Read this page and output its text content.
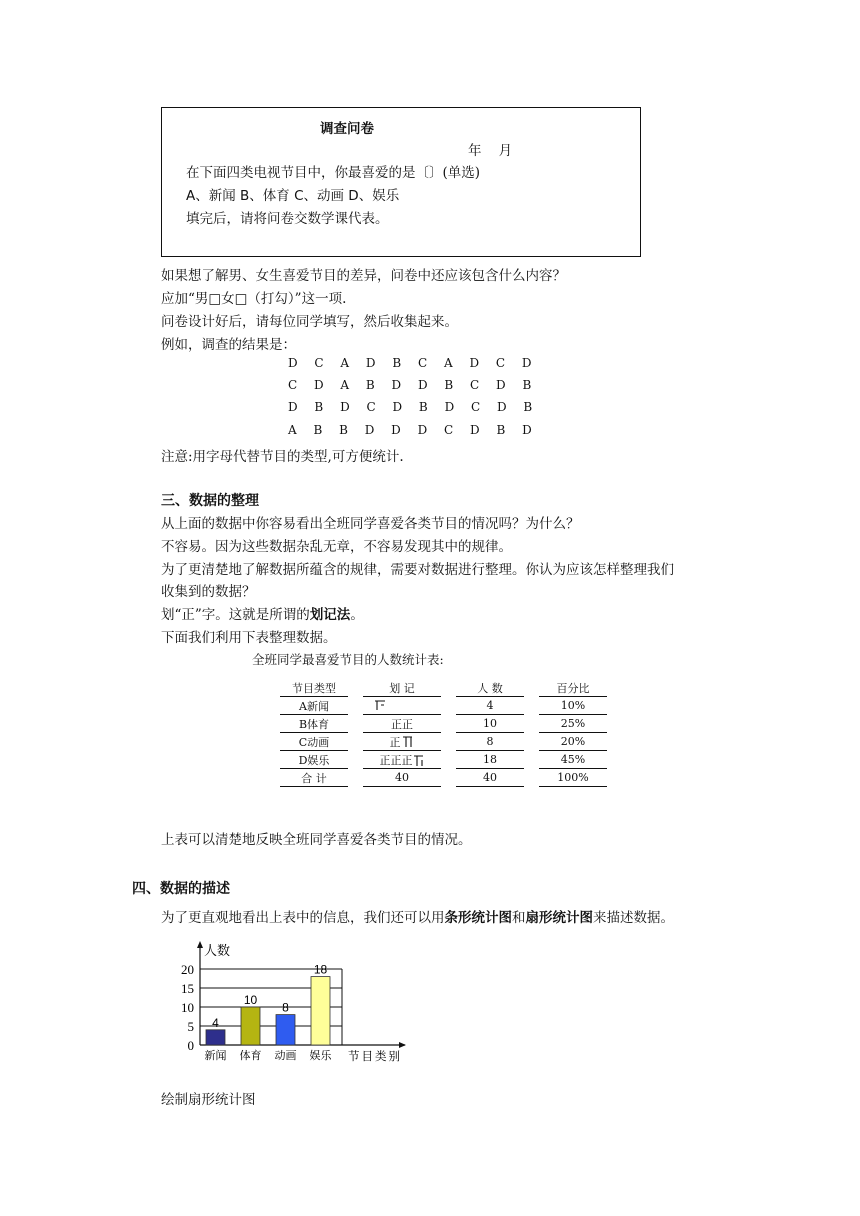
调查问卷
年    月
在下面四类电视节目中，你最喜爱的是〔〕(单选)
A、新闻 B、体育 C、动画 D、娱乐
填完后，请将问卷交数学课代表。
如果想了解男、女生喜爱节目的差异，问卷中还应该包含什么内容？
应加“男□女□（打勾）”这一项.
问卷设计好后，请每位同学填写，然后收集起来。
例如，调查的结果是：
D C A D B C A D C D
C D A B D D B C D B
D B D C D B D C D B
A B B D D D C D B D
注意:用字母代替节目的类型,可方便统计.
三、数据的整理
从上面的数据中你容易看出全班同学喜爱各类节目的情况吗？为什么？
不容易。因为这些数据杂乱无章，不容易发现其中的规律。
为了更清楚地了解数据所蕴含的规律，需要对数据进行整理。你认为应该怎样整理我们
收集到的数据？
划“正”字。这就是所谓的划记法。
下面我们利用下表整理数据。
全班同学最喜爱节目的人数统计表:
节目类型		划 记		人 数		百分比
A新闻				4		10%
B体育		正正		10		25%
C动画		正		8		20%
D娱乐		正正正		18		45%
合 计		40		40		100%
上表可以清楚地反映全班同学喜爱各类节目的情况。
四、数据的描述
为了更直观地看出上表中的信息，我们还可以用条形统计图和扇形统计图来描述数据。
0
5
10
15
20
人数
4
新闻
10
体育
8
动画
18
娱乐 节目类别
绘制扇形统计图
